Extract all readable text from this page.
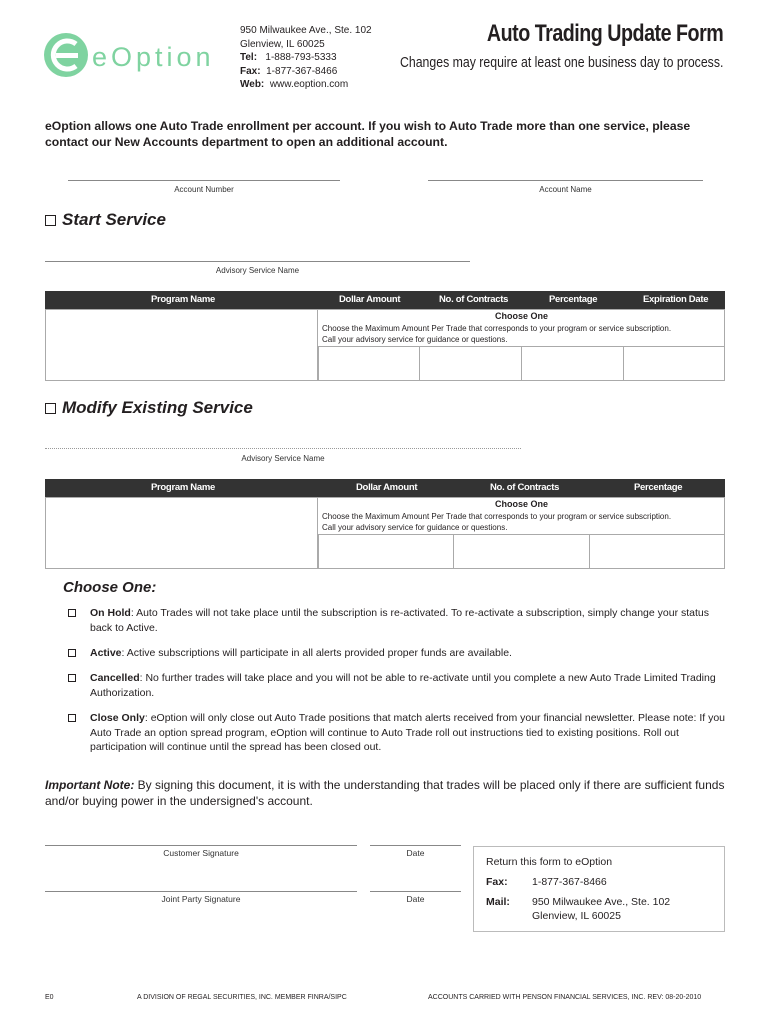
eOption
950 Milwaukee Ave., Ste. 102
Glenview, IL 60025
Tel: 1-888-793-5333
Fax: 1-877-367-8466
Web: www.eoption.com
Auto Trading Update Form
Changes may require at least one business day to process.
eOption allows one Auto Trade enrollment per account. If you wish to Auto Trade more than one service, please contact our New Accounts department to open an additional account.
Account Number	Account Name
Start Service
Advisory Service Name
Program Name	Dollar Amount	No. of Contracts	Percentage	Expiration Date
Choose One
Choose the Maximum Amount Per Trade that corresponds to your program or service subscription.
Call your advisory service for guidance or questions.
Modify Existing Service
Advisory Service Name
Program Name	Dollar Amount	No. of Contracts	Percentage
Choose One
Choose the Maximum Amount Per Trade that corresponds to your program or service subscription.
Call your advisory service for guidance or questions.
Choose One:
On Hold: Auto Trades will not take place until the subscription is re-activated. To re-activate a subscription, simply change your status back to Active.
Active: Active subscriptions will participate in all alerts provided proper funds are available.
Cancelled: No further trades will take place and you will not be able to re-activate until you complete a new Auto Trade Limited Trading Authorization.
Close Only: eOption will only close out Auto Trade positions that match alerts received from your financial newsletter. Please note: If you Auto Trade an option spread program, eOption will continue to Auto Trade roll out instructions tied to existing positions. Roll out participation will continue until the spread has been closed out.
Important Note: By signing this document, it is with the understanding that trades will be placed only if there are sufficient funds and/or buying power in the undersigned's account.
Customer Signature	Date
Joint Party Signature	Date
Return this form to eOption
Fax: 1-877-367-8466
Mail: 950 Milwaukee Ave., Ste. 102
Glenview, IL 60025
E0	A DIVISION OF REGAL SECURITIES, INC. MEMBER FINRA/SIPC	ACCOUNTS CARRIED WITH PENSON FINANCIAL SERVICES, INC. REV: 08-20-2010
